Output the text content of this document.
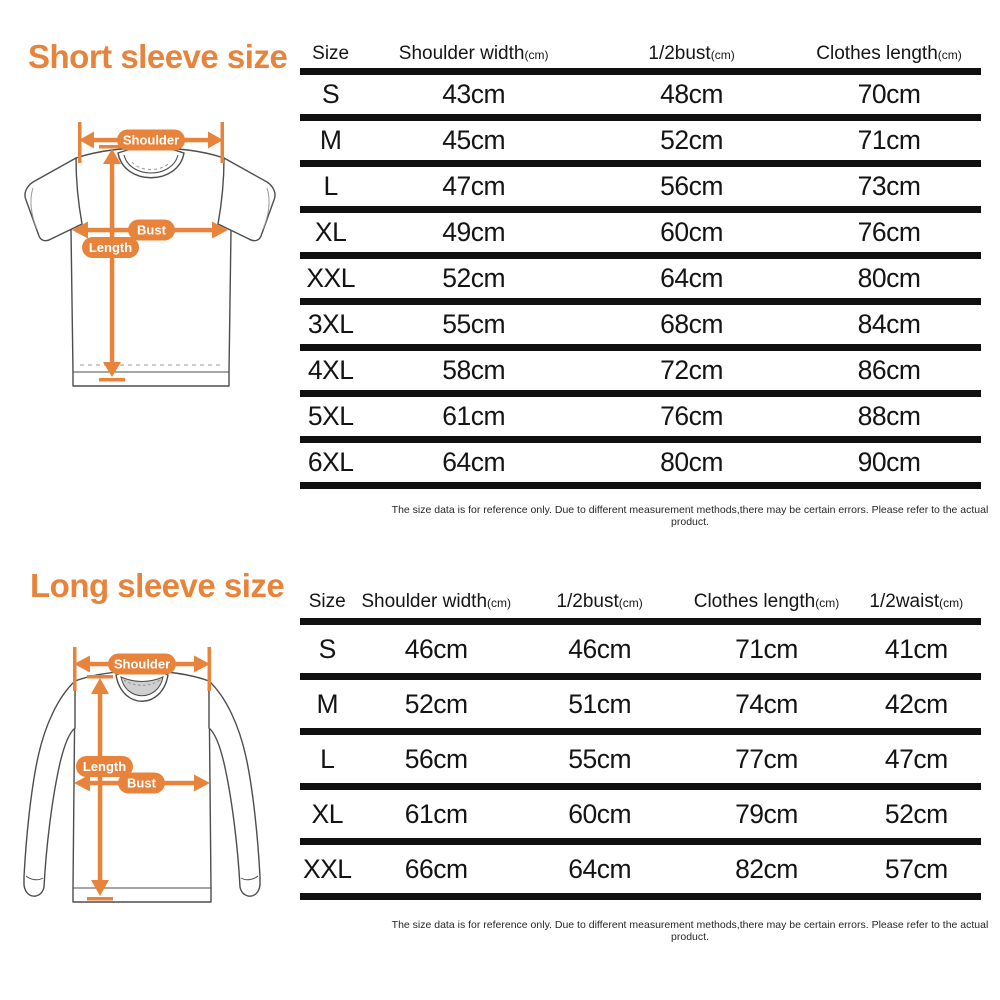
Short sleeve size
Shoulder
Bust
Length
Size	Shoulder width(cm)	1/2bust(cm)	Clothes length(cm)
S	43cm	48cm	70cm
M	45cm	52cm	71cm
L	47cm	56cm	73cm
XL	49cm	60cm	76cm
XXL	52cm	64cm	80cm
3XL	55cm	68cm	84cm
4XL	58cm	72cm	86cm
5XL	61cm	76cm	88cm
6XL	64cm	80cm	90cm
The size data is for reference only. Due to different measurement methods,there may be certain errors. Please refer to the actual product.
Long sleeve size
Shoulder
Length
Bust
Size Shoulder width(cm)	1/2bust(cm)	Clothes length(cm)	1/2waist(cm)
S	46cm	46cm	71cm	41cm
M	52cm	51cm	74cm	42cm
L	56cm	55cm	77cm	47cm
XL	61cm	60cm	79cm	52cm
XXL	66cm	64cm	82cm	57cm
The size data is for reference only. Due to different measurement methods,there may be certain errors. Please refer to the actual product.
